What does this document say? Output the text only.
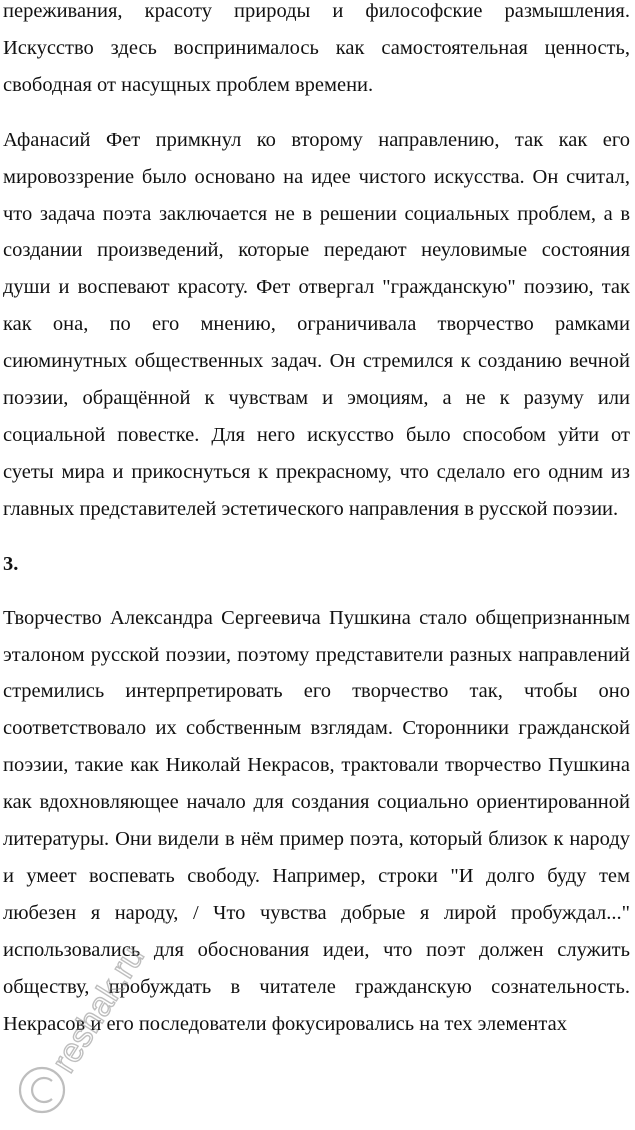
переживания, красоту природы и философские размышления. Искусство здесь воспринималось как самостоятельная ценность, свободная от насущных проблем времени.

Афанасий Фет примкнул ко второму направлению, так как его мировоззрение было основано на идее чистого искусства. Он считал, что задача поэта заключается не в решении социальных проблем, а в создании произведений, которые передают неуловимые состояния души и воспевают красоту. Фет отвергал "гражданскую" поэзию, так как она, по его мнению, ограничивала творчество рамками сиюминутных общественных задач. Он стремился к созданию вечной поэзии, обращённой к чувствам и эмоциям, а не к разуму или социальной повестке. Для него искусство было способом уйти от суеты мира и прикоснуться к прекрасному, что сделало его одним из главных представителей эстетического направления в русской поэзии.

3.

Творчество Александра Сергеевича Пушкина стало общепризнанным эталоном русской поэзии, поэтому представители разных направлений стремились интерпретировать его творчество так, чтобы оно соответствовало их собственным взглядам. Сторонники гражданской поэзии, такие как Николай Некрасов, трактовали творчество Пушкина как вдохновляющее начало для создания социально ориентированной литературы. Они видели в нём пример поэта, который близок к народу и умеет воспевать свободу. Например, строки "И долго буду тем любезен я народу, / Что чувства добрые я лирой пробуждал..." использовались для обоснования идеи, что поэт должен служить обществу, пробуждать в читателе гражданскую сознательность. Некрасов и его последователи фокусировались на тех элементах

reshak.ru
